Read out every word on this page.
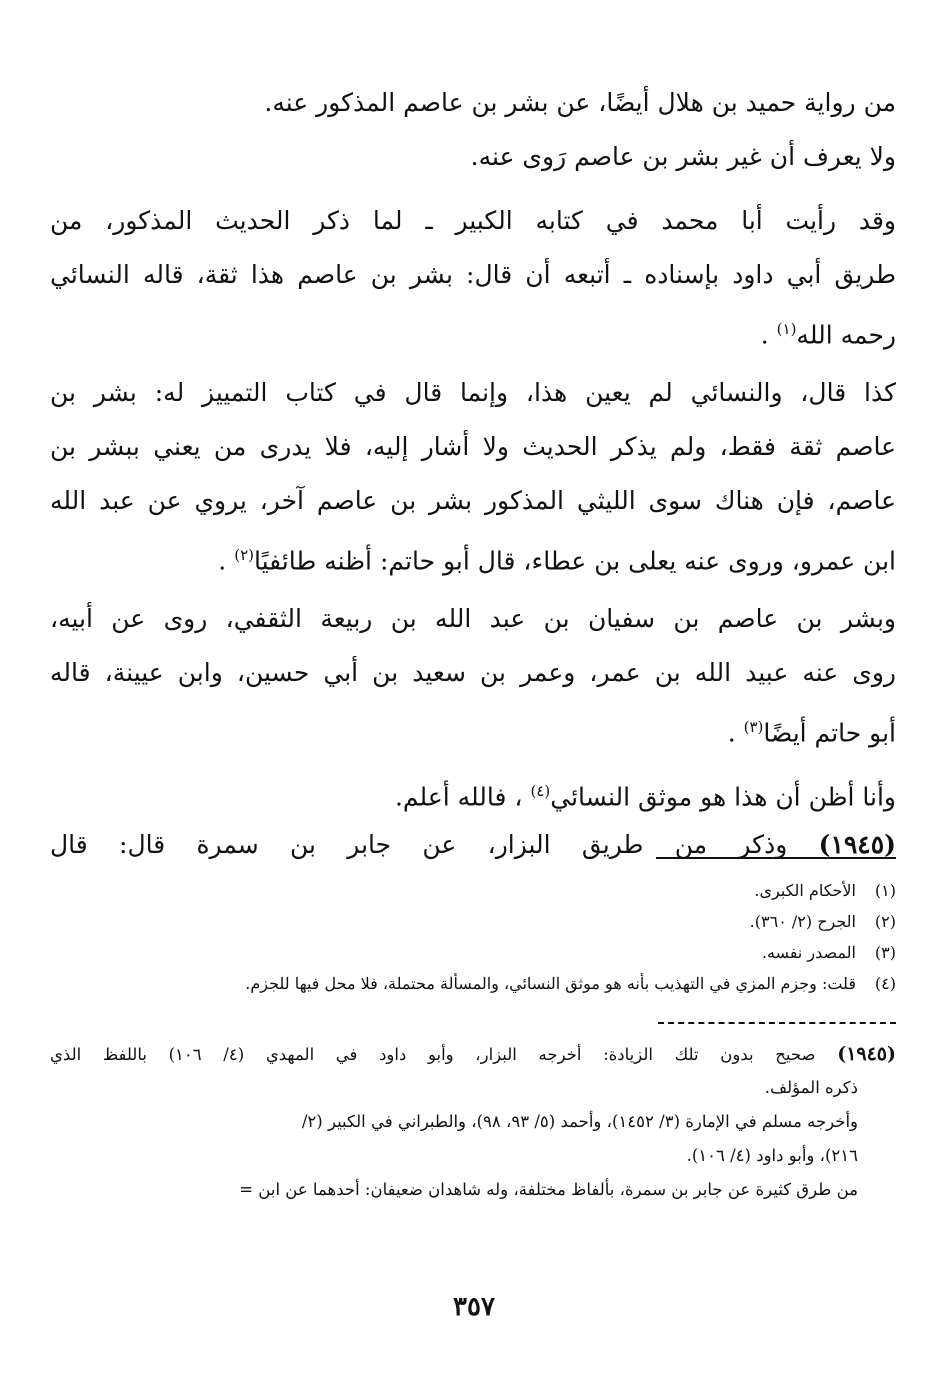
من رواية حميد بن هلال أيضًا، عن بشر بن عاصم المذكور عنه.
ولا يعرف أن غير بشر بن عاصم رَوى عنه.
وقد رأيت أبا محمد في كتابه الكبير ـ لما ذكر الحديث المذكور، من
طريق أبي داود بإسناده ـ أتبعه أن قال: بشر بن عاصم هذا ثقة، قاله النسائي
رحمه الله$^{(١)}$ .
كذا قال، والنسائي لم يعين هذا، وإنما قال في كتاب التمييز له: بشر بن
عاصم ثقة فقط، ولم يذكر الحديث ولا أشار إليه، فلا يدرى من يعني ببشر بن
عاصم، فإن هناك سوى الليثي المذكور بشر بن عاصم آخر، يروي عن عبد الله
ابن عمرو، وروى عنه يعلى بن عطاء، قال أبو حاتم: أظنه طائفيًا$^{(٢)}$ .
وبشر بن عاصم بن سفيان بن عبد الله بن ربيعة الثقفي، روى عن أبيه،
روى عنه عبيد الله بن عمر، وعمر بن سعيد بن أبي حسين، وابن عيينة، قاله
أبو حاتم أيضًا$^{(٣)}$ .
وأنا أظن أن هذا هو موثق النسائي$^{(٤)}$ ، فالله أعلم.
(١٩٤٥) وذكر من طريق البزار، عن جابر بن سمرة قال: قال
(١)الأحكام الكبرى.
(٢)الجرح (٢/ ٣٦٠).
(٣)المصدر نفسه.
(٤)قلت: وجزم المزي في التهذيب بأنه هو موثق النسائي، والمسألة محتملة، فلا محل فيها للجزم.
(١٩٤٥) صحيح بدون تلك الزيادة: أخرجه البزار، وأبو داود في المهدي (٤/ ١٠٦) باللفظ الذي
ذكره المؤلف.
وأخرجه مسلم في الإمارة (٣/ ١٤٥٢)، وأحمد (٥/ ٩٣، ٩٨)، والطبراني في الكبير (٢/
٢١٦)، وأبو داود (٤/ ١٠٦).
من طرق كثيرة عن جابر بن سمرة، بألفاظ مختلفة، وله شاهدان ضعيفان: أحدهما عن ابن =
٣٥٧
